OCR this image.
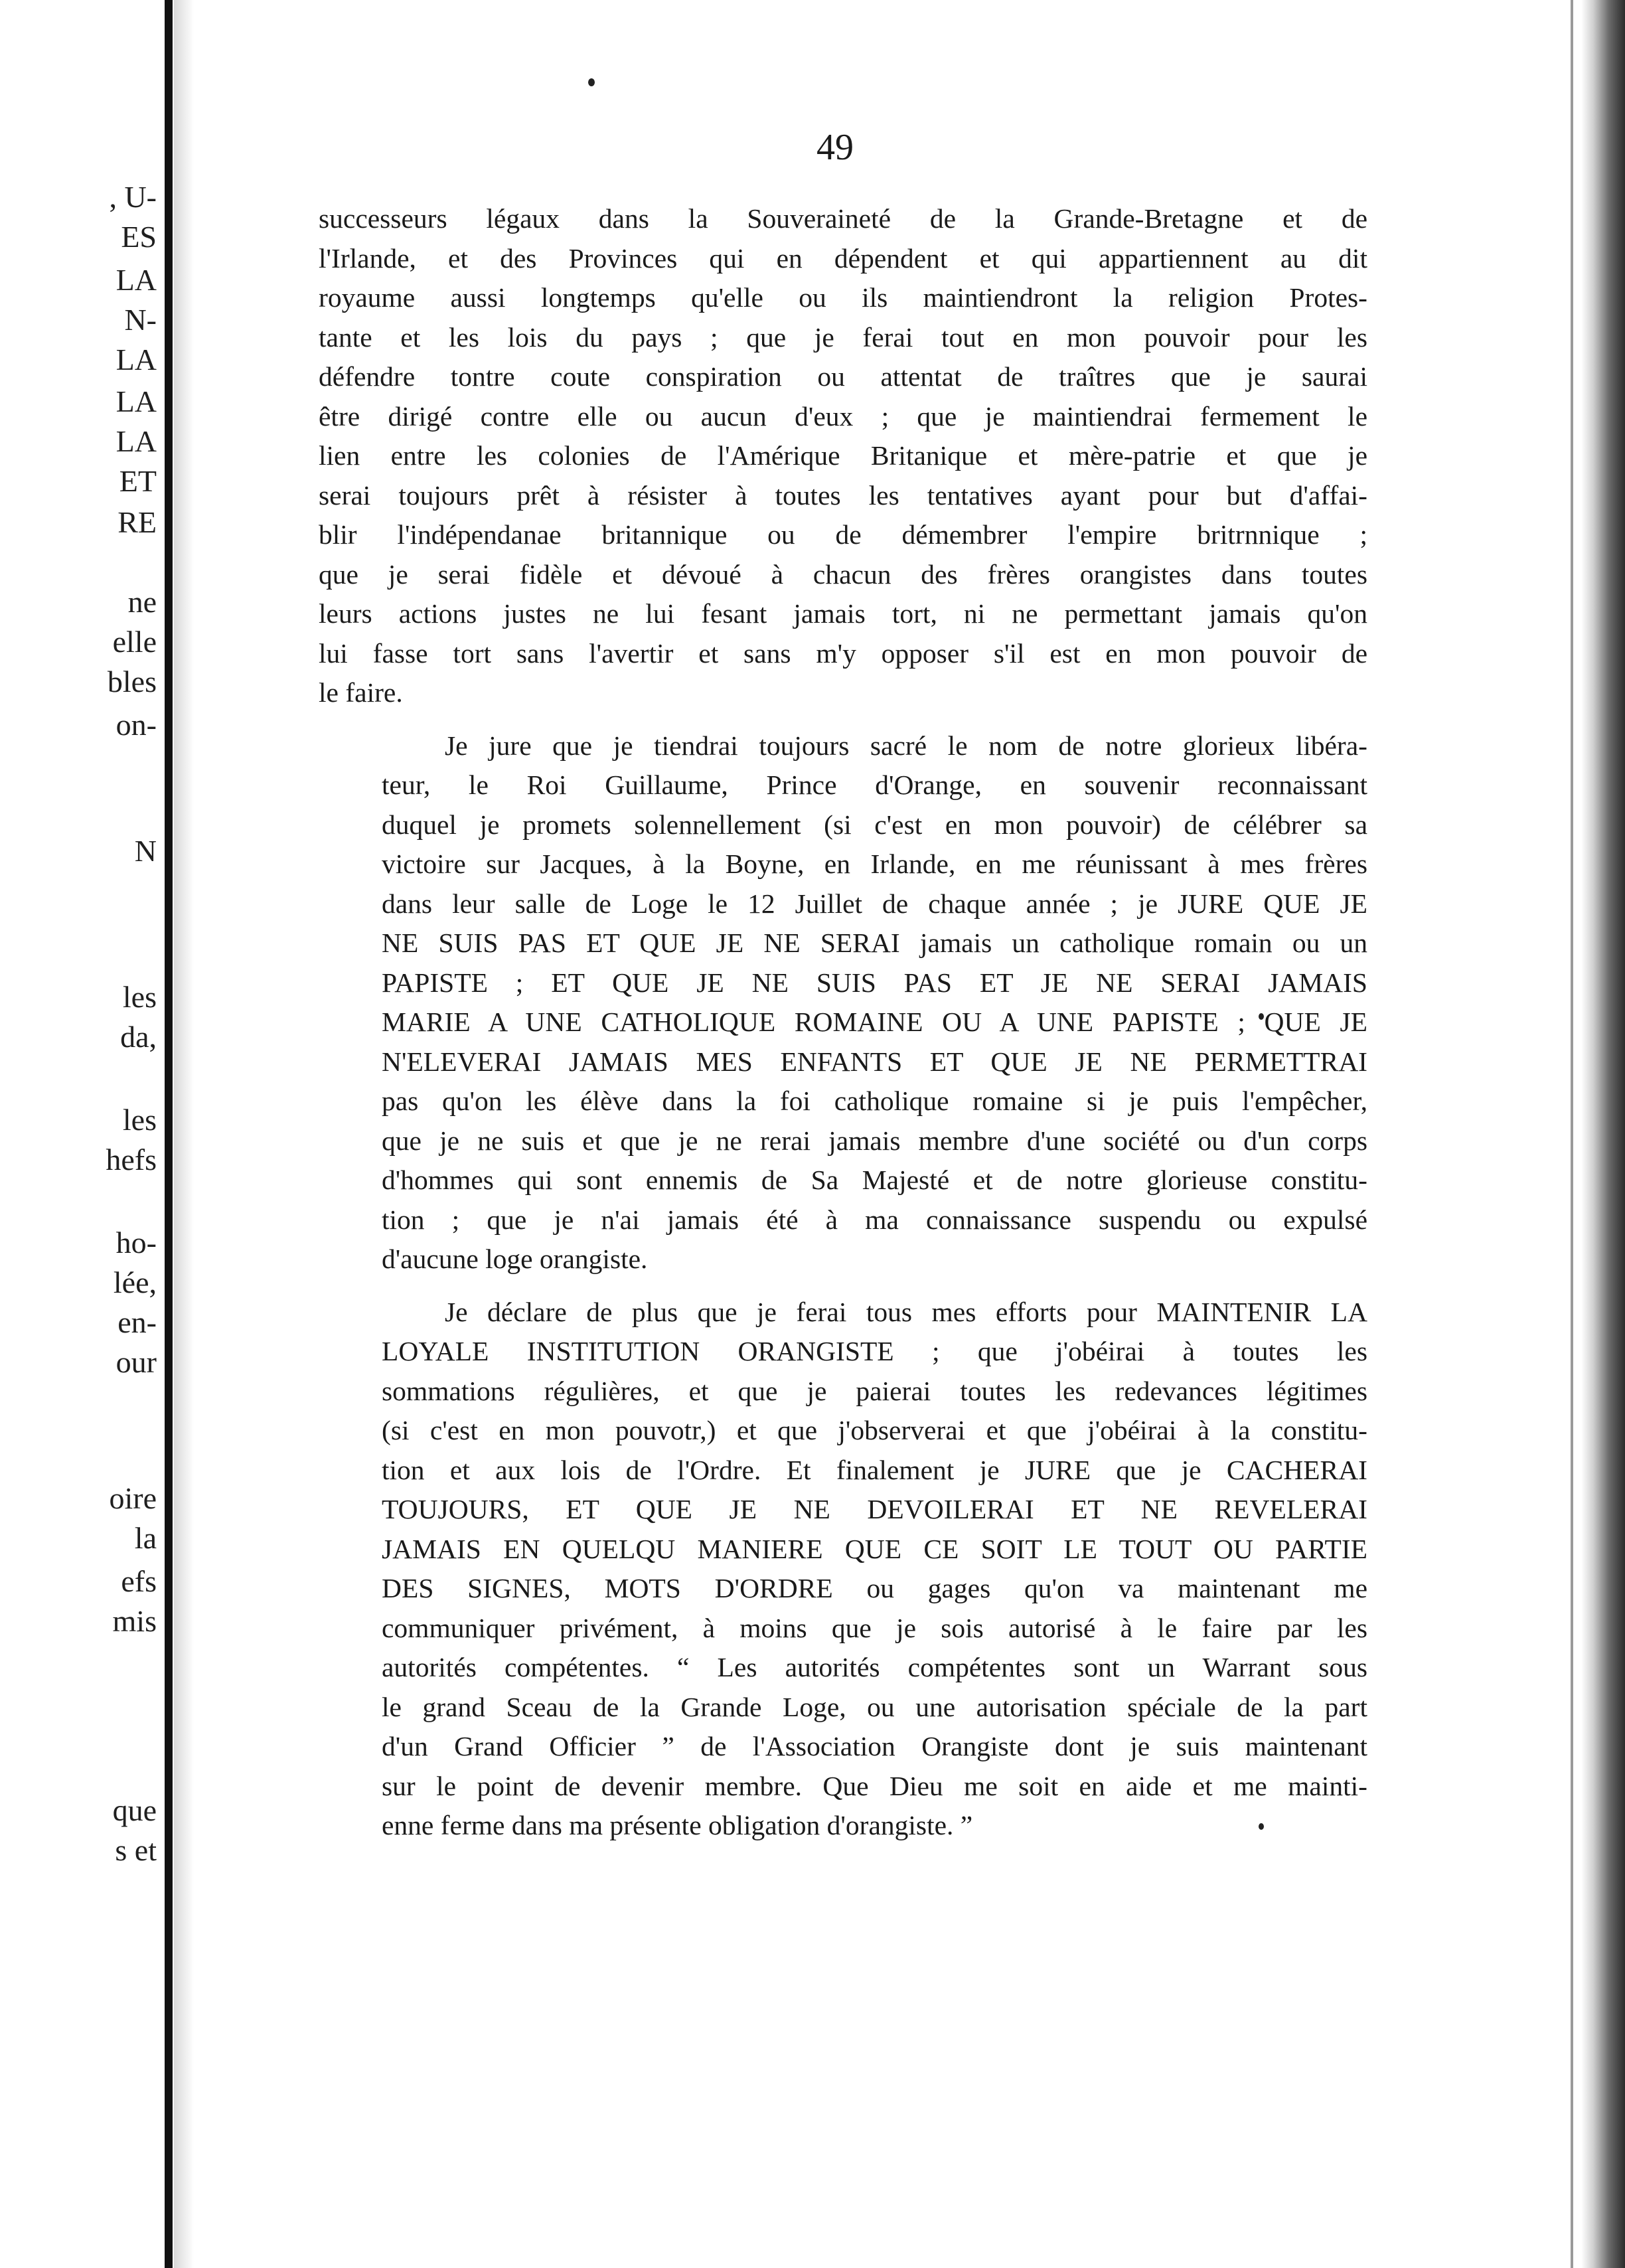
, U-
ES
LA
N-
LA
LA
LA
ET
RE
ne
elle
bles
on-
N
les
da,
les
hefs
ho-
lée,
en-
our
oire
la
efs
mis
que
s et
49
successeurs légaux dans la Souveraineté de la Grande-Bretagne et de
l'Irlande, et des Provinces qui en dépendent et qui appartiennent au dit
royaume aussi longtemps qu'elle ou ils maintiendront la religion Protes-
tante et les lois du pays ; que je ferai tout en mon pouvoir pour les
défendre tontre coute conspiration ou attentat de traîtres que je saurai
être dirigé contre elle ou aucun d'eux ; que je maintiendrai fermement le
lien entre les colonies de l'Amérique Britanique et mère-patrie et que je
serai toujours prêt à résister à toutes les tentatives ayant pour but d'affai-
blir l'indépendanae britannique ou de démembrer l'empire britrnnique ;
que je serai fidèle et dévoué à chacun des frères orangistes dans toutes
leurs actions justes ne lui fesant jamais tort, ni ne permettant jamais qu'on
lui fasse tort sans l'avertir et sans m'y opposer s'il est en mon pouvoir de
le faire.
Je jure que je tiendrai toujours sacré le nom de notre glorieux libéra-
teur, le Roi Guillaume, Prince d'Orange, en souvenir reconnaissant
duquel je promets solennellement (si c'est en mon pouvoir) de célébrer sa
victoire sur Jacques, à la Boyne, en Irlande, en me réunissant à mes frères
dans leur salle de Loge le 12 Juillet de chaque année ; je JURE QUE JE
NE SUIS PAS ET QUE JE NE SERAI jamais un catholique romain ou un
PAPISTE ; ET QUE JE NE SUIS PAS ET JE NE SERAI JAMAIS
MARIE A UNE CATHOLIQUE ROMAINE OU A UNE PAPISTE ; QUE JE
N'ELEVERAI JAMAIS MES ENFANTS ET QUE JE NE PERMETTRAI
pas qu'on les élève dans la foi catholique romaine si je puis l'empêcher,
que je ne suis et que je ne rerai jamais membre d'une société ou d'un corps
d'hommes qui sont ennemis de Sa Majesté et de notre glorieuse constitu-
tion ; que je n'ai jamais été à ma connaissance suspendu ou expulsé
d'aucune loge orangiste.
Je déclare de plus que je ferai tous mes efforts pour MAINTENIR LA
LOYALE INSTITUTION ORANGISTE ; que j'obéirai à toutes les
sommations régulières, et que je paierai toutes les redevances légitimes
(si c'est en mon pouvotr,) et que j'observerai et que j'obéirai à la constitu-
tion et aux lois de l'Ordre. Et finalement je JURE que je CACHERAI
TOUJOURS, ET QUE JE NE DEVOILERAI ET NE REVELERAI
JAMAIS EN QUELQU MANIERE QUE CE SOIT LE TOUT OU PARTIE
DES SIGNES, MOTS D'ORDRE ou gages qu'on va maintenant me
communiquer privément, à moins que je sois autorisé à le faire par les
autorités compétentes. “ Les autorités compétentes sont un Warrant sous
le grand Sceau de la Grande Loge, ou une autorisation spéciale de la part
d'un Grand Officier ” de l'Association Orangiste dont je suis maintenant
sur le point de devenir membre. Que Dieu me soit en aide et me mainti-
enne ferme dans ma présente obligation d'orangiste. ”
